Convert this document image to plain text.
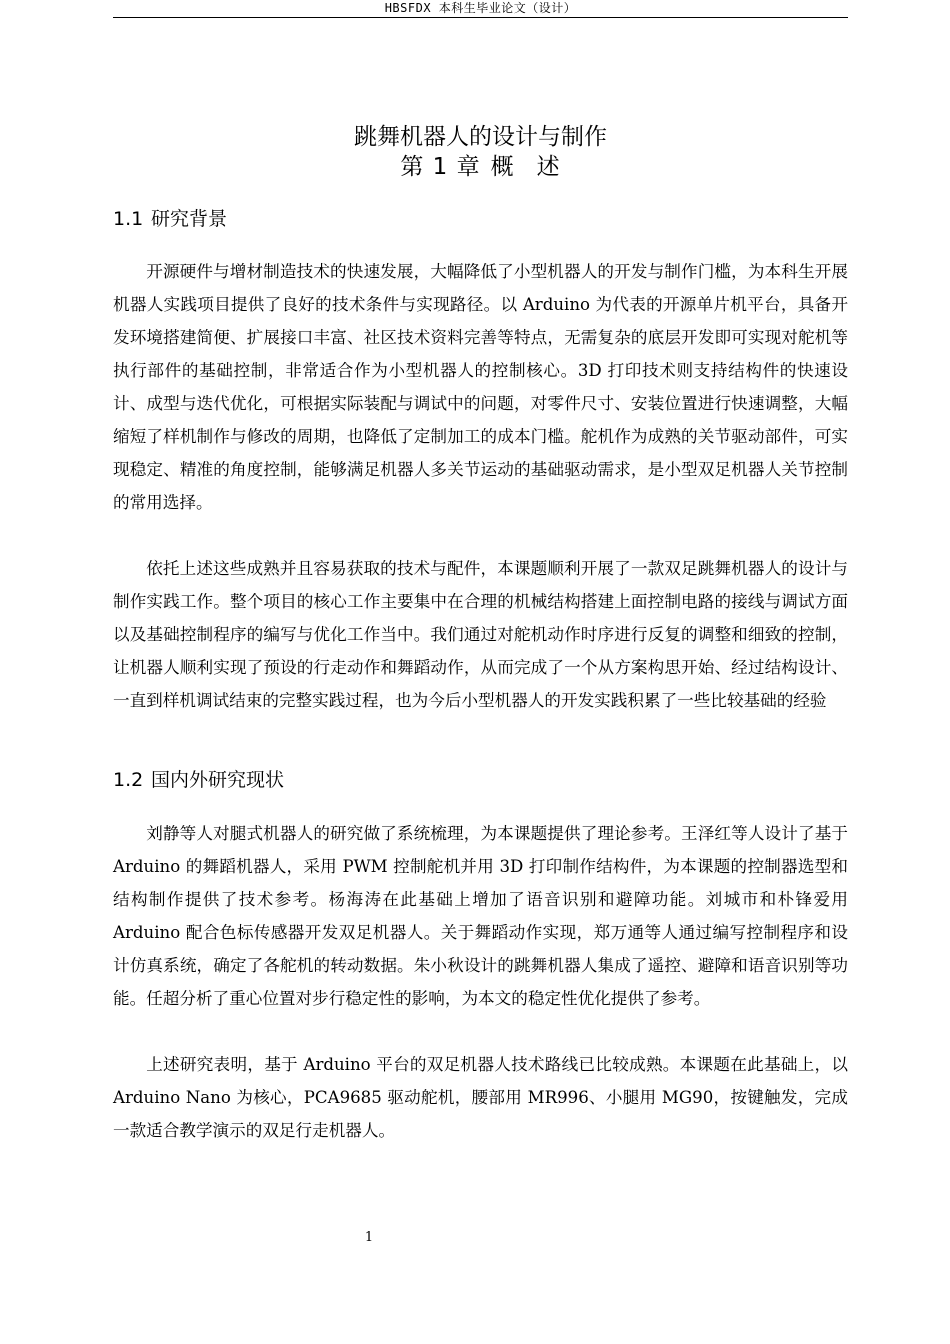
HBSFDX 本科生毕业论文（设计）
跳舞机器人的设计与制作
第 1 章 概 述
1.1 研究背景

开源硬件与增材制造技术的快速发展，大幅降低了小型机器人的开发与制作门槛，为本科生开展机器人实践项目提供了良好的技术条件与实现路径。以 Arduino 为代表的开源单片机平台，具备开发环境搭建简便、扩展接口丰富、社区技术资料完善等特点，无需复杂的底层开发即可实现对舵机等执行部件的基础控制，非常适合作为小型机器人的控制核心。3D 打印技术则支持结构件的快速设计、成型与迭代优化，可根据实际装配与调试中的问题，对零件尺寸、安装位置进行快速调整，大幅缩短了样机制作与修改的周期，也降低了定制加工的成本门槛。舵机作为成熟的关节驱动部件，可实现稳定、精准的角度控制，能够满足机器人多关节运动的基础驱动需求，是小型双足机器人关节控制的常用选择。

依托上述这些成熟并且容易获取的技术与配件，本课题顺利开展了一款双足跳舞机器人的设计与制作实践工作。整个项目的核心工作主要集中在合理的机械结构搭建上面控制电路的接线与调试方面以及基础控制程序的编写与优化工作当中。我们通过对舵机动作时序进行反复的调整和细致的控制，让机器人顺利实现了预设的行走动作和舞蹈动作，从而完成了一个从方案构思开始、经过结构设计、一直到样机调试结束的完整实践过程，也为今后小型机器人的开发实践积累了一些比较基础的经验

1.2 国内外研究现状

刘静等人对腿式机器人的研究做了系统梳理，为本课题提供了理论参考。王泽红等人设计了基于 Arduino 的舞蹈机器人，采用 PWM 控制舵机并用 3D 打印制作结构件，为本课题的控制器选型和结构制作提供了技术参考。杨海涛在此基础上增加了语音识别和避障功能。刘城市和朴锋爱用 Arduino 配合色标传感器开发双足机器人。关于舞蹈动作实现，郑万通等人通过编写控制程序和设计仿真系统，确定了各舵机的转动数据。朱小秋设计的跳舞机器人集成了遥控、避障和语音识别等功能。任超分析了重心位置对步行稳定性的影响，为本文的稳定性优化提供了参考。

上述研究表明，基于 Arduino 平台的双足机器人技术路线已比较成熟。本课题在此基础上，以 Arduino Nano 为核心，PCA9685 驱动舵机，腰部用 MR996、小腿用 MG90，按键触发，完成一款适合教学演示的双足行走机器人。

1
